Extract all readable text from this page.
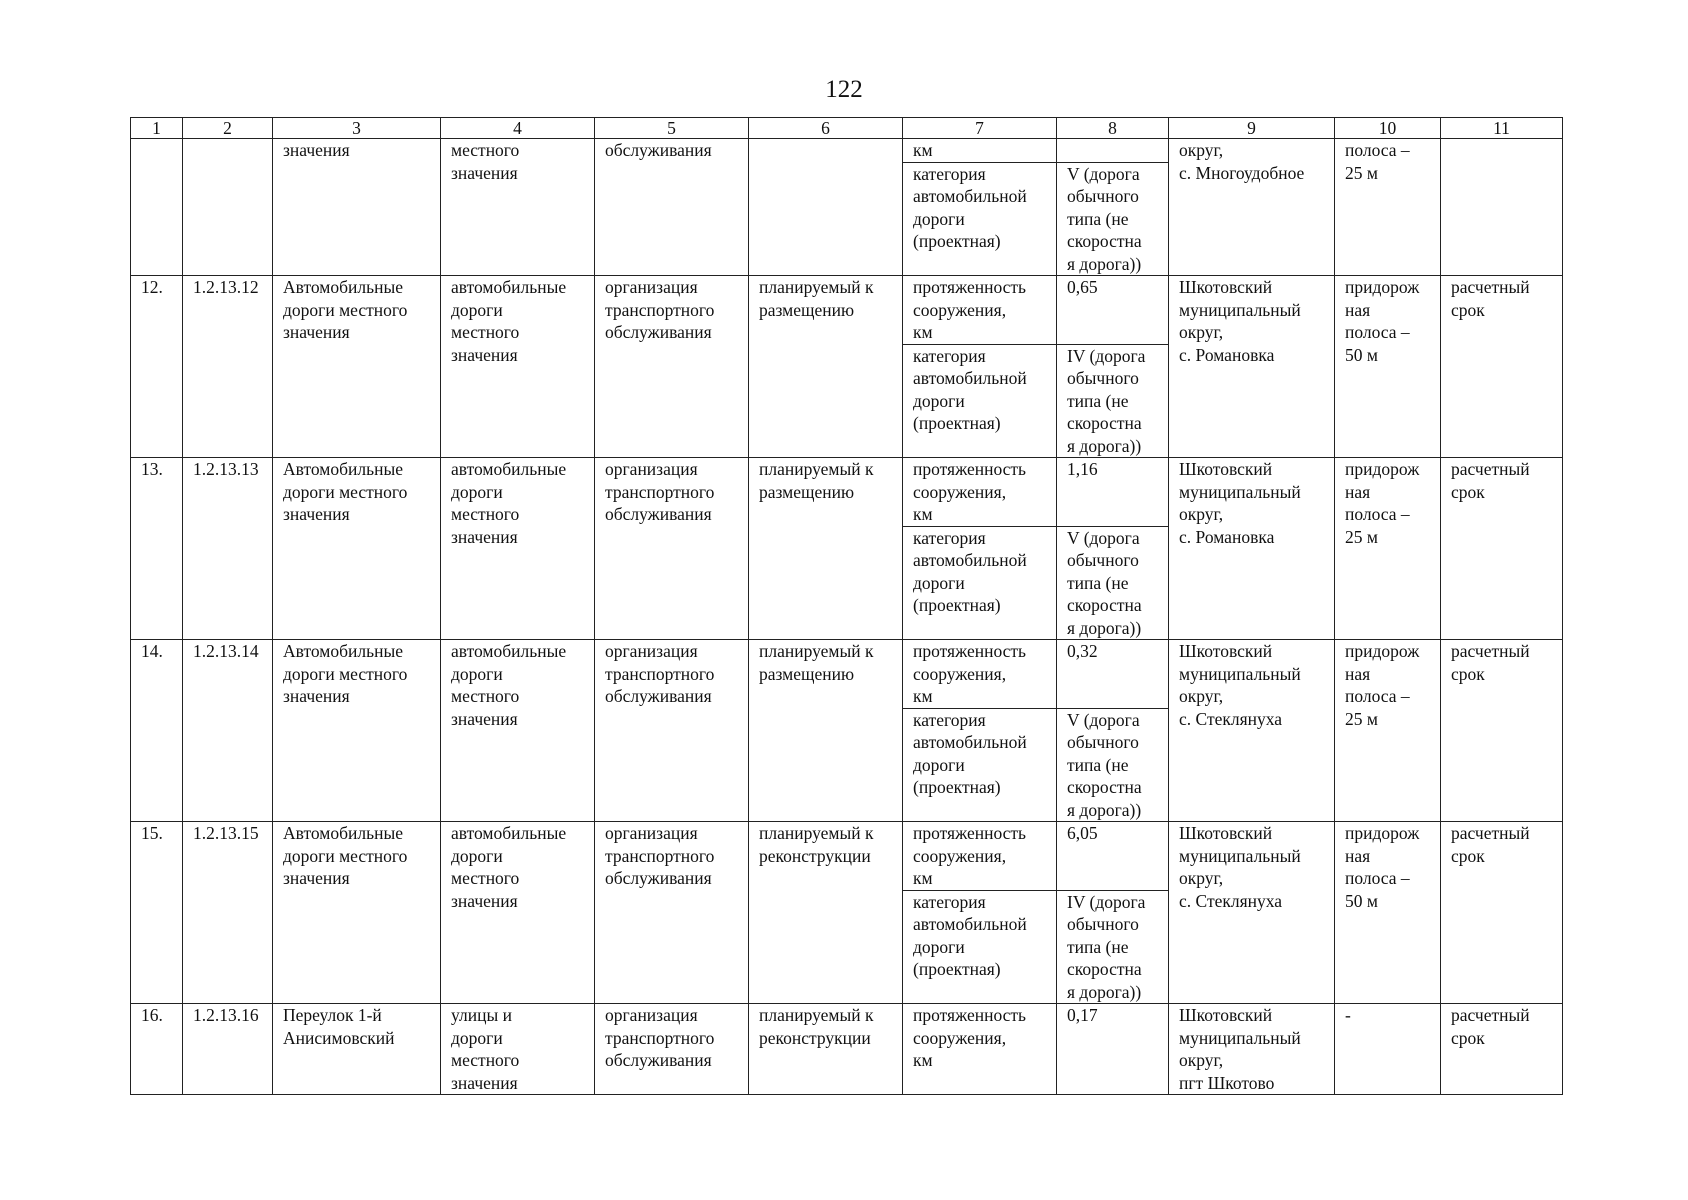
122
1	2	3	4	5	6	7	8	9	10	11
		значения	местного
значения	обслуживания		км		округ,
с. Многоудобное	полоса –
25 м	
						категория
автомобильной
дороги
(проектная)	V (дорога
обычного
типа (не
скоростна
я дорога))			
12.	1.2.13.12	Автомобильные
дороги местного
значения	автомобильные
дороги
местного
значения	организация
транспортного
обслуживания	планируемый к
размещению	протяженность
сооружения,
км	0,65	Шкотовский
муниципальный
округ,
с. Романовка	придорож
ная
полоса –
50 м	расчетный
срок
						категория
автомобильной
дороги
(проектная)	IV (дорога
обычного
типа (не
скоростна
я дорога))			
13.	1.2.13.13	Автомобильные
дороги местного
значения	автомобильные
дороги
местного
значения	организация
транспортного
обслуживания	планируемый к
размещению	протяженность
сооружения,
км	1,16	Шкотовский
муниципальный
округ,
с. Романовка	придорож
ная
полоса –
25 м	расчетный
срок
						категория
автомобильной
дороги
(проектная)	V (дорога
обычного
типа (не
скоростна
я дорога))			
14.	1.2.13.14	Автомобильные
дороги местного
значения	автомобильные
дороги
местного
значения	организация
транспортного
обслуживания	планируемый к
размещению	протяженность
сооружения,
км	0,32	Шкотовский
муниципальный
округ,
с. Стеклянуха	придорож
ная
полоса –
25 м	расчетный
срок
						категория
автомобильной
дороги
(проектная)	V (дорога
обычного
типа (не
скоростна
я дорога))			
15.	1.2.13.15	Автомобильные
дороги местного
значения	автомобильные
дороги
местного
значения	организация
транспортного
обслуживания	планируемый к
реконструкции	протяженность
сооружения,
км	6,05	Шкотовский
муниципальный
округ,
с. Стеклянуха	придорож
ная
полоса –
50 м	расчетный
срок
						категория
автомобильной
дороги
(проектная)	IV (дорога
обычного
типа (не
скоростна
я дорога))			
16.	1.2.13.16	Переулок 1-й
Анисимовский	улицы и
дороги
местного
значения	организация
транспортного
обслуживания	планируемый к
реконструкции	протяженность
сооружения,
км	0,17	Шкотовский
муниципальный
округ,
пгт Шкотово	-	расчетный
срок
